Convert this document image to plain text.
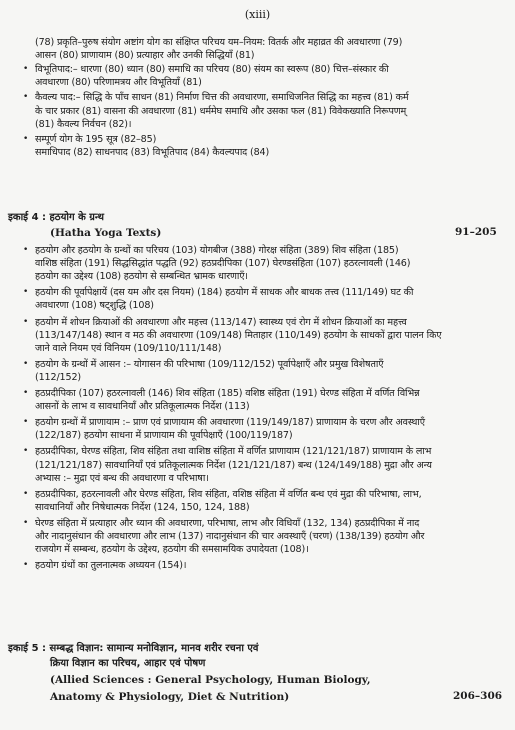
(xiii)
(78) प्रकृति–पुरुष संयोग अष्टांग योग का संक्षिप्त परिचय यम–नियम: वितर्क और महाव्रत की अवधारणा (79)
आसन (80) प्राणायाम (80) प्रत्याहार और उनकी सिद्धियाँ (81)
• विभूतिपाद:– धारणा (80) ध्यान (80) समाधि का परिचय (80) संयम का स्वरूप (80) चित्त–संस्कार की
अवधारणा (80) परिणामत्रय और विभूतियाँ (81)
• कैवल्य पाद:– सिद्धि के पाँच साधन (81) निर्माण चित्त की अवधारणा, समाधिजनित सिद्धि का महत्त्व (81) कर्म
के चार प्रकार (81) वासना की अवधारणा (81) धर्ममेघ समाधि और उसका फल (81) विवेकख्याति निरूपणम्
(81) कैवल्य निर्वचन (82)।
• सम्पूर्ण योग के 195 सूत्र (82–85)
समाधिपाद (82) साधनपाद (83) विभूतिपाद (84) कैवल्यपाद (84)
इकाई 4 : हठयोग के ग्रन्थ
(Hatha Yoga Texts)	91–205
• हठयोग और हठयोग के ग्रन्थों का परिचय (103) योगबीज (388) गोरक्ष संहिता (389) शिव संहिता (185)
वाशिष्ठ संहिता (191) सिद्धसिद्धांत पद्धति (92) हठप्रदीपिका (107) घेरण्डसंहिता (107) हठरत्नावली (146)
हठयोग का उद्देश्य (108) हठयोग से सम्बन्धित भ्रामक धारणाएँ।
• हठयोग की पूर्वापेक्षायें (दस यम और दस नियम) (184) हठयोग में साधक और बाधक तत्त्व (111/149) घट की
अवधारणा (108) षट्शुद्धि (108)
• हठयोग में शोधन क्रियाओं की अवधारणा और महत्त्व (113/147) स्वास्थ्य एवं रोग में शोधन क्रियाओं का महत्त्व
(113/147/148) स्थान व मठ की अवधारणा (109/148) मिताहार (110/149) हठयोग के साधकों द्वारा पालन किए
जाने वाले नियम एवं विनियम (109/110/111/148)
• हठयोग के ग्रन्थों में आसन :– योगासन की परिभाषा (109/112/152) पूर्वापेक्षाएँ और प्रमुख विशेषताएँ
(112/152)
• हठप्रदीपिका (107) हठरत्नावली (146) शिव संहिता (185) वशिष्ठ संहिता (191) घेरण्ड संहिता में वर्णित विभिन्न
आसनों के लाभ व सावधानियाँ और प्रतिकूलात्मक निर्देश (113)
• हठयोग ग्रन्थों में प्राणायाम :– प्राण एवं प्राणायाम की अवधारणा (119/149/187) प्राणायाम के चरण और अवस्थाएँ
(122/187) हठयोग साधना में प्राणायाम की पूर्वापेक्षाएँ (100/119/187)
• हठप्रदीपिका, घेरण्ड संहिता, शिव संहिता तथा वाशिष्ठ संहिता में वर्णित प्राणायाम (121/121/187) प्राणायाम के लाभ
(121/121/187) सावधानियाँ एवं प्रतिकूलात्मक निर्देश (121/121/187) बन्ध (124/149/188) मुद्रा और अन्य
अभ्यास :– मुद्रा एवं बन्ध की अवधारणा व परिभाषा।
• हठप्रदीपिका, हठरत्नावली और घेरण्ड संहिता, शिव संहिता, वशिष्ठ संहिता में वर्णित बन्ध एवं मुद्रा की परिभाषा, लाभ,
सावधानियाँ और निषेधात्मक निर्देश (124, 150, 124, 188)
• घेरण्ड संहिता में प्रत्याहार और ध्यान की अवधारणा, परिभाषा, लाभ और विधियाँ (132, 134) हठप्रदीपिका में नाद
और नादानुसंधान की अवधारणा और लाभ (137) नादानुसंधान की चार अवस्थाएँ (चरण) (138/139) हठयोग और
राजयोग में सम्बन्ध, हठयोग के उद्देश्य, हठयोग की समसामयिक उपादेयता (108)।
• हठयोग ग्रंथों का तुलनात्मक अध्ययन (154)।
इकाई 5 : सम्बद्ध विज्ञान: सामान्य मनोविज्ञान, मानव शरीर रचना एवं
क्रिया विज्ञान का परिचय, आहार एवं पोषण
(Allied Sciences : General Psychology, Human Biology,
Anatomy & Physiology, Diet & Nutrition)	206–306
